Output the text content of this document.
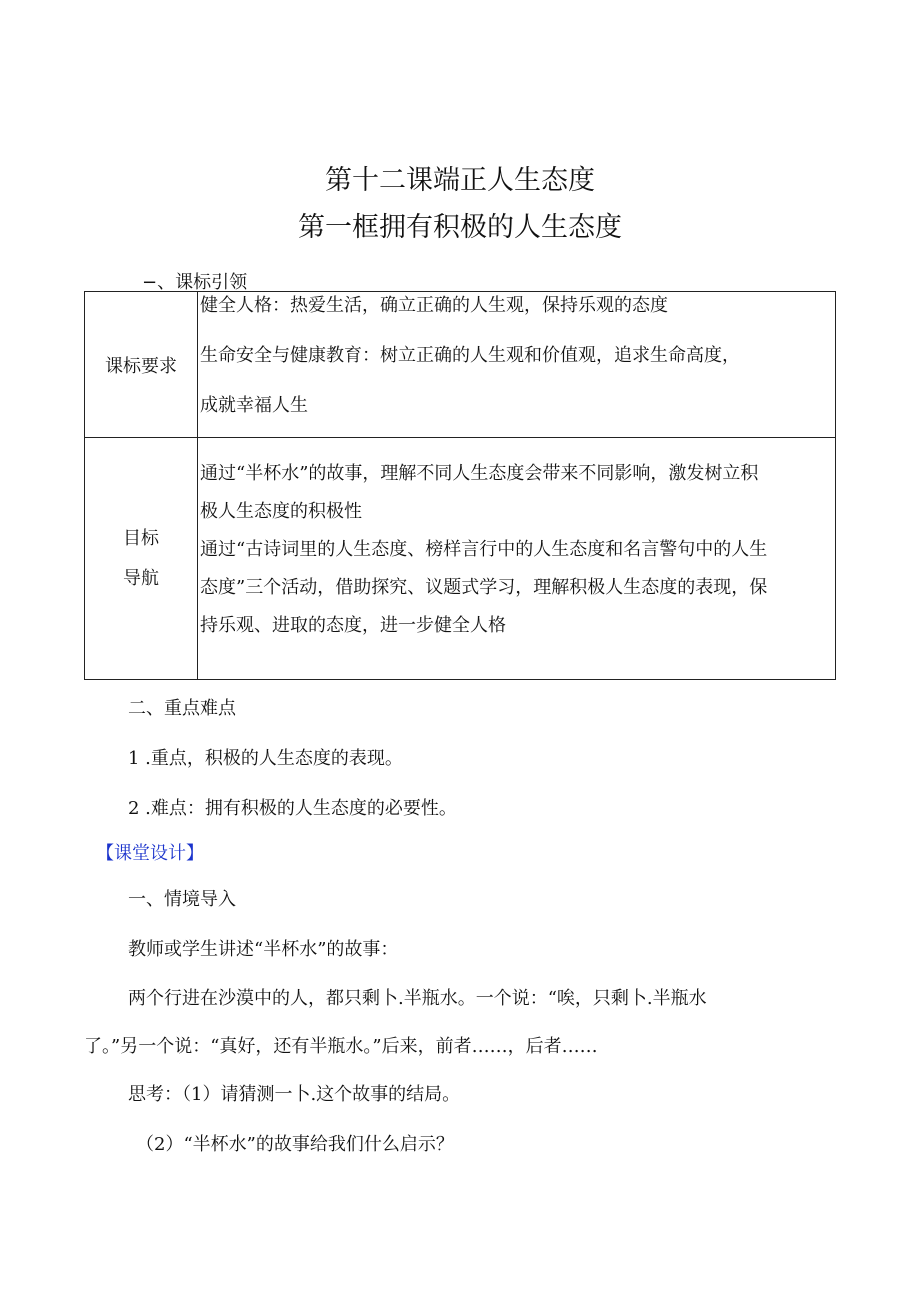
第十二课端正人生态度
第一框拥有积极的人生态度

−、课标引领

课标要求	健全人格：热爱生活，确立正确的人生观，保持乐观的态度
生命安全与健康教育：树立正确的人生观和价值观，追求生命高度，
成就幸福人生

目标
导航	通过“半杯水”的故事，理解不同人生态度会带来不同影响，激发树立积
极人生态度的积极性
通过“古诗词里的人生态度、榜样言行中的人生态度和名言警句中的人生
态度”三个活动，借助探究、议题式学习，理解积极人生态度的表现，保
持乐观、进取的态度，进一步健全人格

二、重点难点

1 .重点，积极的人生态度的表现。

2 .难点：拥有积极的人生态度的必要性。

【课堂设计】

一、情境导入

教师或学生讲述“半杯水”的故事：

两个行进在沙漠中的人，都只剩卜.半瓶水。一个说：“唉，只剩卜.半瓶水

了。”另一个说：“真好，还有半瓶水。”后来，前者……，后者……

思考：（1）请猜测一卜.这个故事的结局。

（2）“半杯水”的故事给我们什么启示？
